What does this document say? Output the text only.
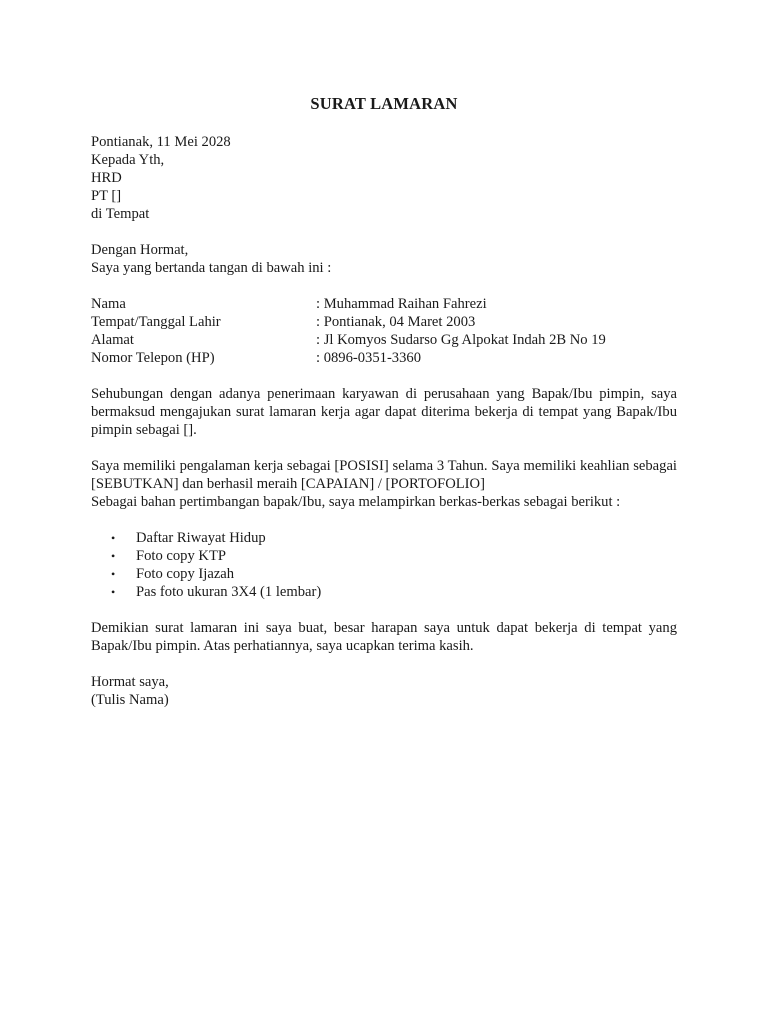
SURAT LAMARAN
Pontianak, 11 Mei 2028
Kepada Yth,
HRD
PT []
di Tempat
Dengan Hormat,
Saya yang bertanda tangan di bawah ini :
Nama	: Muhammad Raihan Fahrezi
Tempat/Tanggal Lahir	: Pontianak, 04 Maret 2003
Alamat	: Jl Komyos Sudarso Gg Alpokat Indah 2B No 19
Nomor Telepon (HP)	: 0896-0351-3360

Sehubungan dengan adanya penerimaan karyawan di perusahaan yang Bapak/Ibu pimpin, saya bermaksud mengajukan surat lamaran kerja agar dapat diterima bekerja di tempat yang Bapak/Ibu pimpin sebagai [].

Saya memiliki pengalaman kerja sebagai [POSISI] selama 3 Tahun. Saya memiliki keahlian sebagai [SEBUTKAN] dan berhasil meraih [CAPAIAN] / [PORTOFOLIO]

Sebagai bahan pertimbangan bapak/Ibu, saya melampirkan berkas-berkas sebagai berikut :

•	Daftar Riwayat Hidup
•	Foto copy KTP
•	Foto copy Ijazah
•	Pas foto ukuran 3X4 (1 lembar)

Demikian surat lamaran ini saya buat, besar harapan saya untuk dapat bekerja di tempat yang Bapak/Ibu pimpin. Atas perhatiannya, saya ucapkan terima kasih.

Hormat saya,
(Tulis Nama)
